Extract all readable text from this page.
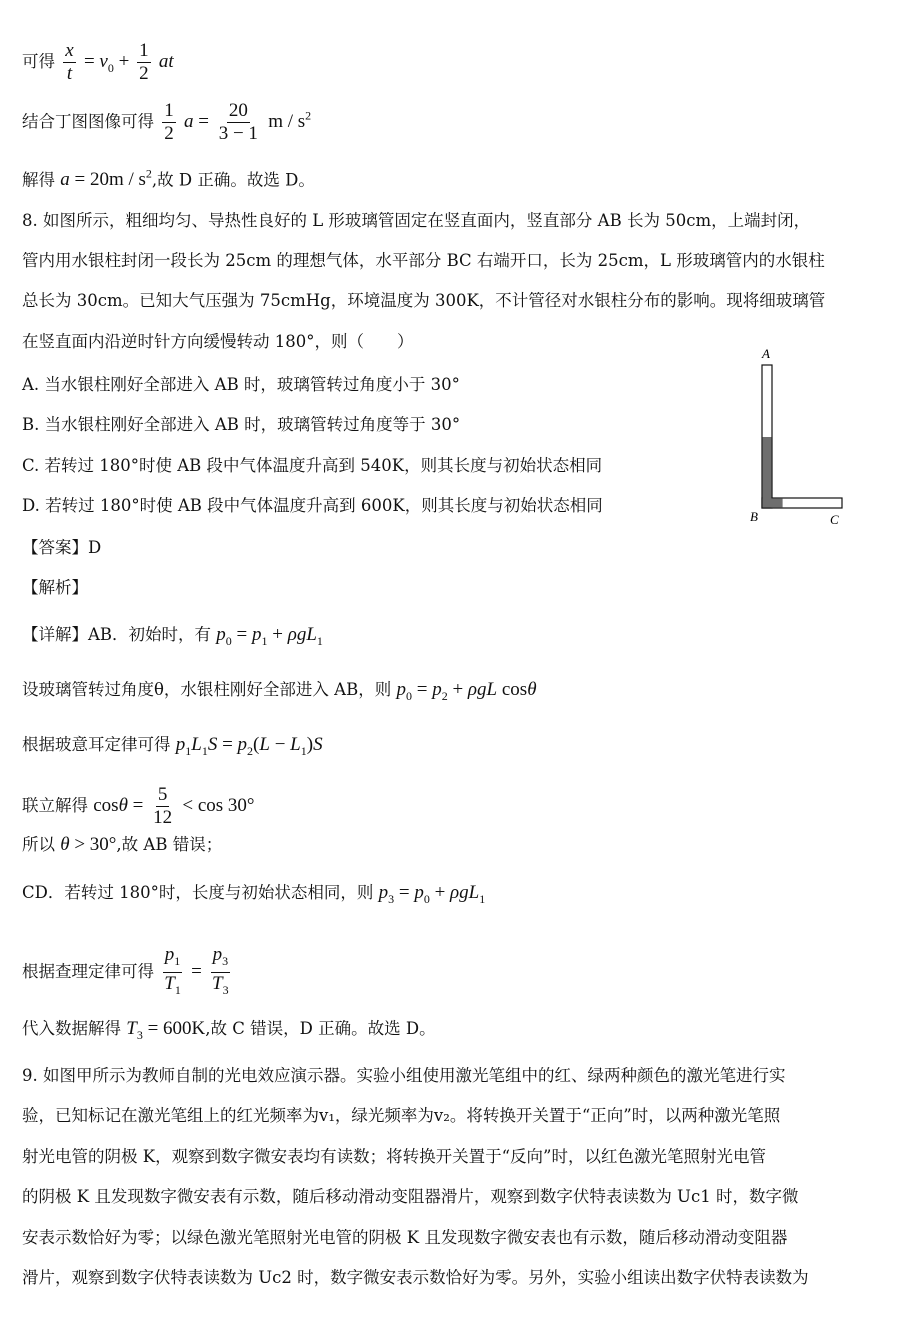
可得 $\frac{x}{t} = v_0 + \frac{1}{2}$ at
结合丁图图像可得 $\frac{1}{2}$ $a = \frac{20}{3 - 1}$ m / $s^2$
解得 $a = 20m / s^2$,故 D 正确。故选 D。
8. 如图所示，粗细均匀、导热性良好的 L 形玻璃管固定在竖直面内，竖直部分 AB 长为 50cm，上端封闭，
管内用水银柱封闭一段长为 25cm 的理想气体，水平部分 BC 右端开口，长为 25cm，L 形玻璃管内的水银柱
总长为 30cm。已知大气压强为 75cmHg，环境温度为 300K，不计管径对水银柱分布的影响。现将细玻璃管
在竖直面内沿逆时针方向缓慢转动 180°，则（　　）
A. 当水银柱刚好全部进入 AB 时，玻璃管转过角度小于 30°
B. 当水银柱刚好全部进入 AB 时，玻璃管转过角度等于 30°
C. 若转过 180°时使 AB 段中气体温度升高到 540K，则其长度与初始状态相同
D. 若转过 180°时使 AB 段中气体温度升高到 600K，则其长度与初始状态相同
A
B	C
【答案】D
【解析】
【详解】AB．初始时，有 $p_0 = p_1 + \rho gL_1$
设玻璃管转过角度θ，水银柱刚好全部进入 AB，则 $p_0 = p_2 + \rho gL$ cosθ
根据玻意耳定律可得 $p_1L_1S = p_2(L - L_1)S$
联立解得 $\cos\theta = \frac{5}{12} < \cos 30^\circ$
所以 θ > 30°,故 AB 错误；
CD．若转过 180°时，长度与初始状态相同，则 $p_3 = p_0 + \rho gL_1$
根据查理定律可得 $\frac{p_1}{T_1} = \frac{p_3}{T_3}$
代入数据解得 $T_3 = 600K$,故 C 错误，D 正确。故选 D。
9. 如图甲所示为教师自制的光电效应演示器。实验小组使用激光笔组中的红、绿两种颜色的激光笔进行实
验，已知标记在激光笔组上的红光频率为v₁，绿光频率为v₂。将转换开关置于“正向”时，以两种激光笔照
射光电管的阴极 K，观察到数字微安表均有读数；将转换开关置于“反向”时，以红色激光笔照射光电管
的阴极 K 且发现数字微安表有示数，随后移动滑动变阻器滑片，观察到数字伏特表读数为 Uc1 时，数字微
安表示数恰好为零；以绿色激光笔照射光电管的阴极 K 且发现数字微安表也有示数，随后移动滑动变阻器
滑片，观察到数字伏特表读数为 Uc2 时，数字微安表示数恰好为零。另外，实验小组读出数字伏特表读数为
